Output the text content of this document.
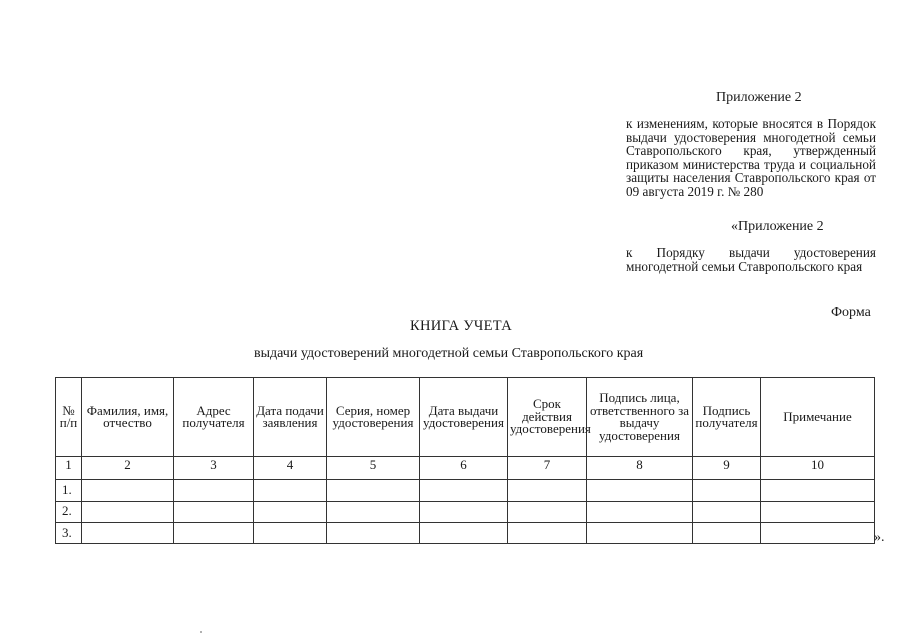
Приложение 2
к изменениям, которые вносятся в Порядок выдачи удостоверения многодетной семьи Ставропольского края, утвержденный приказом министерства труда и социальной защиты населения Ставропольского края от 09 августа 2019 г. № 280
«Приложение 2
к Порядку выдачи удостоверения многодетной семьи Ставропольского края
Форма
КНИГА УЧЕТА
выдачи удостоверений многодетной семьи Ставропольского края
№ п/п	Фамилия, имя, отчество	Адрес получателя	Дата подачи заявления	Серия, номер удостоверения	Дата выдачи удостоверения	Срок действия удостоверения	Подпись лица, ответственного за выдачу удостоверения	Подпись получателя	Примечание
1	2	3	4	5	6	7	8	9	10
1.									
2.									
3.										».
